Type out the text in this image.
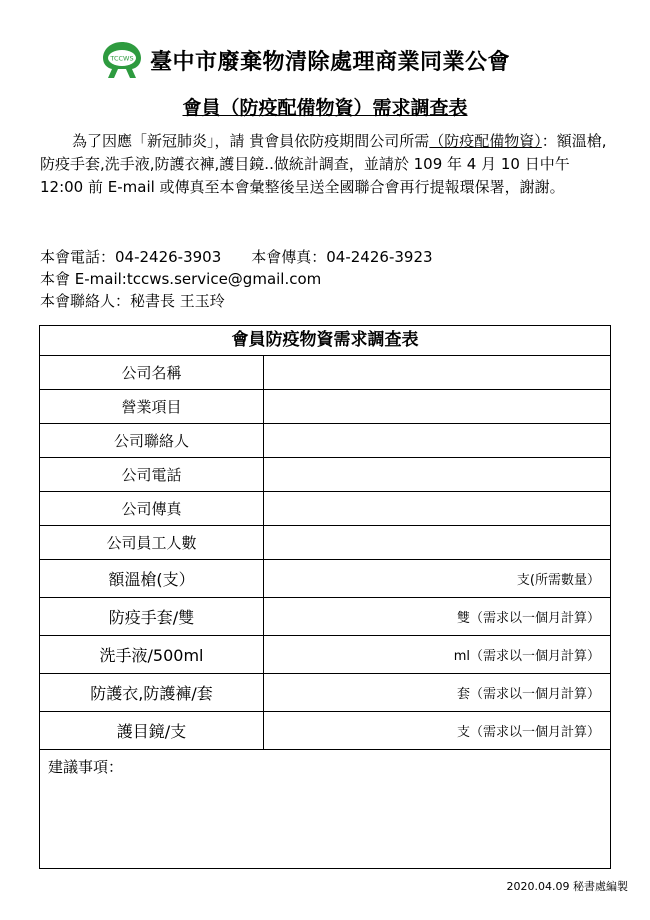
TCCWS 臺中市廢棄物清除處理商業同業公會
會員（防疫配備物資）需求調查表
為了因應「新冠肺炎」，請 貴會員依防疫期間公司所需（防疫配備物資）：額溫槍,防疫手套,洗手液,防護衣褲,護目鏡..做統計調查，並請於 109 年 4 月 10 日中午 12:00 前 E-mail 或傳真至本會彙整後呈送全國聯合會再行提報環保署，謝謝。
本會電話：04-2426-3903 本會傳真：04-2426-3923
本會 E-mail:tccws.service@gmail.com
本會聯絡人：秘書長 王玉玲
會員防疫物資需求調查表
公司名稱
營業項目
公司聯絡人
公司電話
公司傳真
公司員工人數
額溫槍(支）	支(所需數量）
防疫手套/雙	雙（需求以一個月計算）
洗手液/500ml	ml（需求以一個月計算）
防護衣,防護褲/套	套（需求以一個月計算）
護目鏡/支	支（需求以一個月計算）
建議事項：
2020.04.09 秘書處編製
